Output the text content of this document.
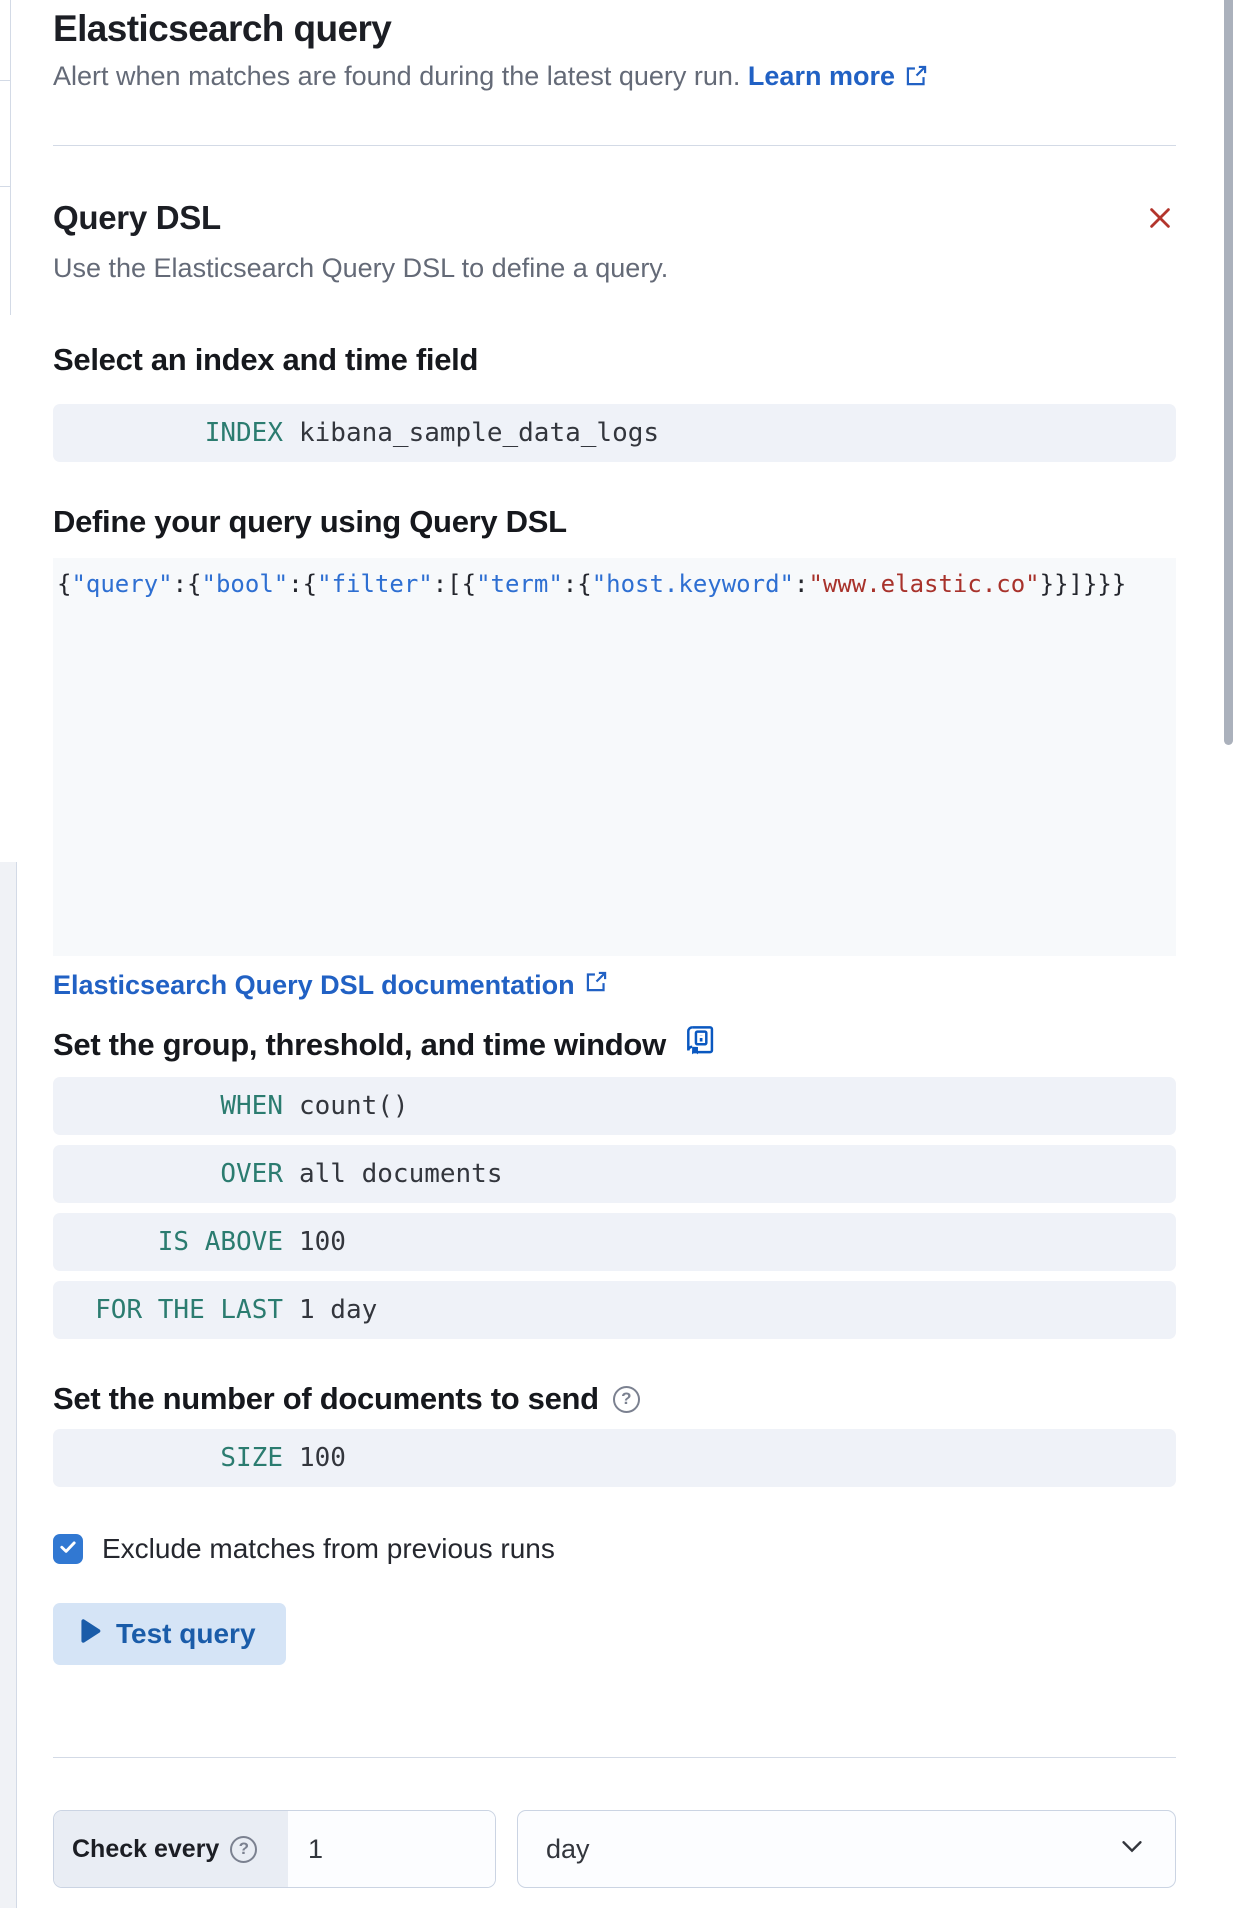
Elasticsearch query

Alert when matches are found during the latest query run. Learn more

Query DSL

Use the Elasticsearch Query DSL to define a query.

Select an index and time field
INDEX kibana_sample_data_logs
Define your query using Query DSL
{"query":{"bool":{"filter":[{"term":{"host.keyword":"www.elastic.co"}}]}}}
Elasticsearch Query DSL documentation
Set the group, threshold, and time window
WHEN count()
OVER all documents
IS ABOVE 100
FOR THE LAST 1 day
Set the number of documents to send	?
SIZE 100
Exclude matches from previous runs
Test query
Check every	?
1	day
